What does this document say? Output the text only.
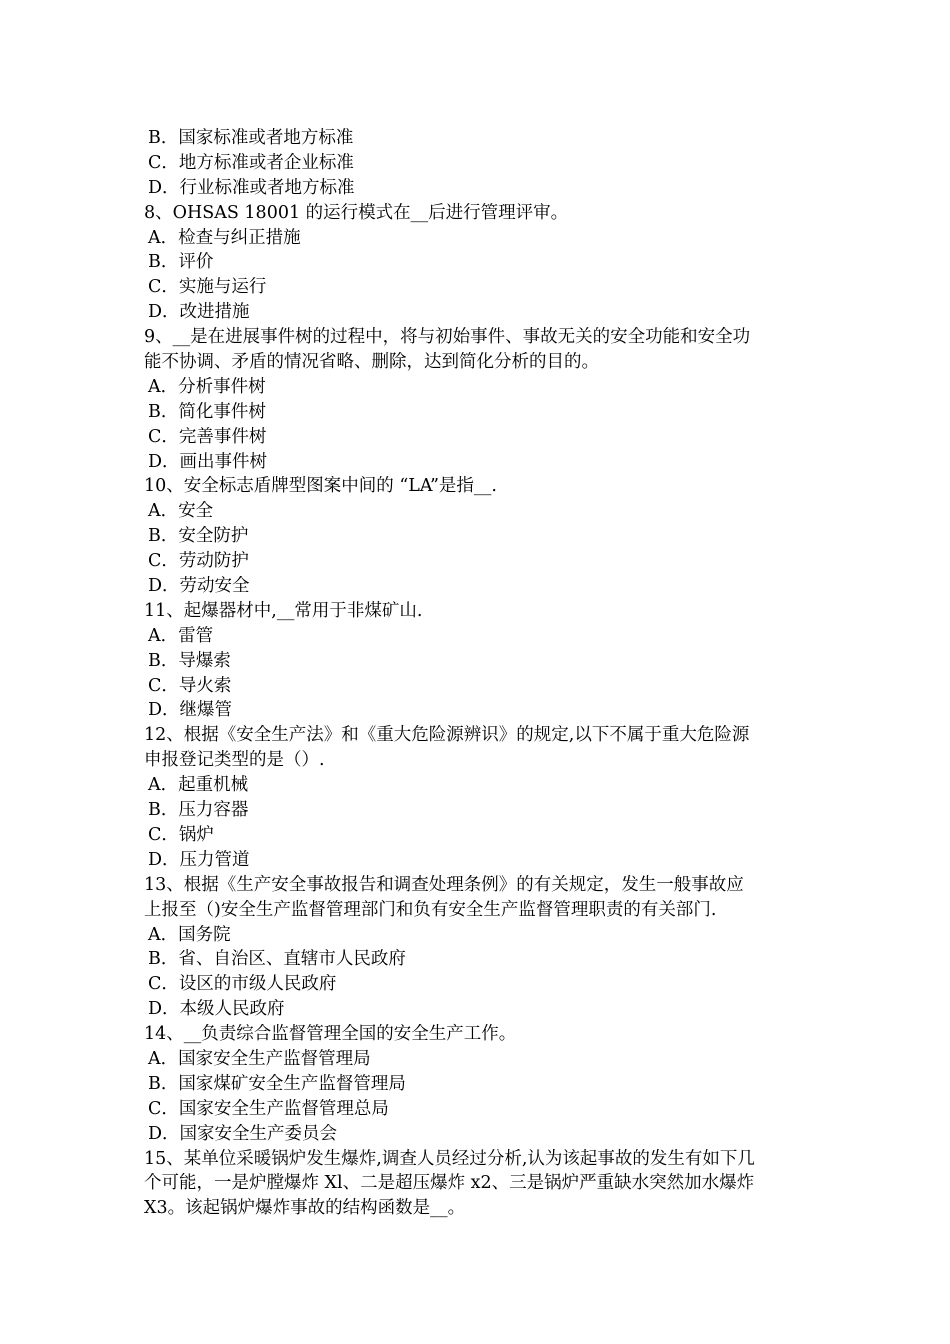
B．国家标准或者地方标准
C．地方标准或者企业标准
D．行业标准或者地方标准
8、OHSAS 18001 的运行模式在__后进行管理评审。
A．检查与纠正措施
B．评价
C．实施与运行
D．改进措施
9、__是在进展事件树的过程中，将与初始事件、事故无关的安全功能和安全功
能不协调、矛盾的情况省略、删除，达到简化分析的目的。
A．分析事件树
B．简化事件树
C．完善事件树
D．画出事件树
10、安全标志盾牌型图案中间的 “LA”是指__.
A．安全
B．安全防护
C．劳动防护
D．劳动安全
11、起爆器材中,__常用于非煤矿山.
A．雷管
B．导爆索
C．导火索
D．继爆管
12、根据《安全生产法》和《重大危险源辨识》的规定,以下不属于重大危险源
申报登记类型的是（）.
A．起重机械
B．压力容器
C．锅炉
D．压力管道
13、根据《生产安全事故报告和调查处理条例》的有关规定，发生一般事故应
上报至（)安全生产监督管理部门和负有安全生产监督管理职责的有关部门.
A．国务院
B．省、自治区、直辖市人民政府
C．设区的市级人民政府
D．本级人民政府
14、__负责综合监督管理全国的安全生产工作。
A．国家安全生产监督管理局
B．国家煤矿安全生产监督管理局
C．国家安全生产监督管理总局
D．国家安全生产委员会
15、某单位采暖锅炉发生爆炸,调查人员经过分析,认为该起事故的发生有如下几
个可能，一是炉膛爆炸 Xl、二是超压爆炸 x2、三是锅炉严重缺水突然加水爆炸
X3。该起锅炉爆炸事故的结构函数是__。
